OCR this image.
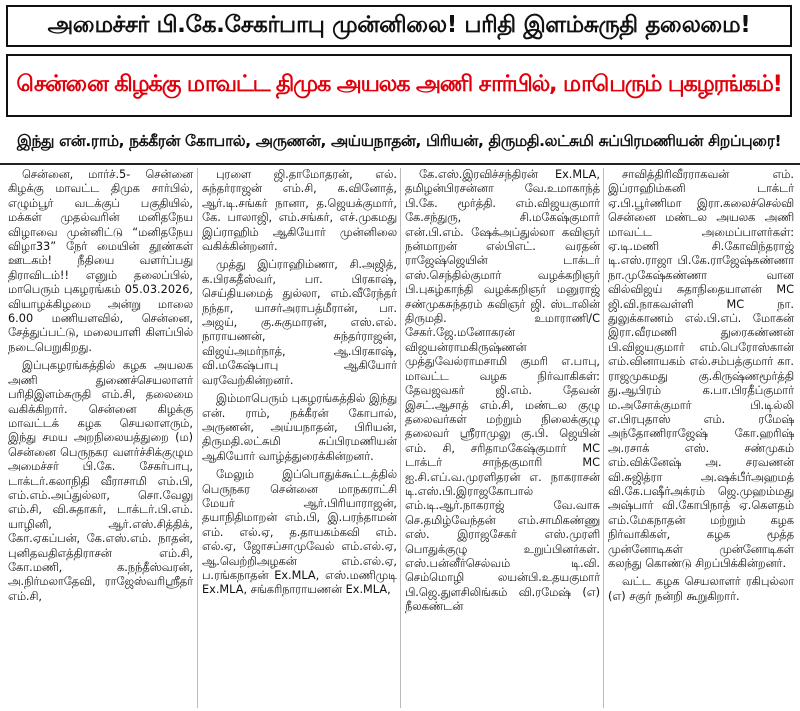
அமைச்சர் பி.கே.சேகர்பாபு முன்னிலை! பரிதி இளம்சுருதி தலைமை!
சென்னை கிழக்கு மாவட்ட திமுக அயலக அணி சார்பில், மாபெரும் புகழரங்கம்!
இந்து என்.ராம், நக்கீரன் கோபால், அருணன், அய்யநாதன், பிரியன், திருமதி.லட்சுமி சுப்பிரமணியன் சிறப்புரை!

சென்னை, மார்ச்.5- சென்னை கிழக்கு மாவட்ட திமுக சார்பில், எழும்பூர் வடக்குப் பகுதியில், மக்கள் முதல்வரின் மனிதநேய விழாவை முன்னிட்டு “மனிதநேய விழா33” நேர் மையின் தூண்கள் ஊடகம்! நீதியை வளர்ப்பது திராவிடம்!! எனும் தலைப்பில், மாபெரும் புகழரங்கம் 05.03.2026, வியாழக்கிழமை அன்று மாலை 6.00 மணியளவில், சென்னை, சேத்துப்பட்டு, மலையாளி கிளப்பில் நடைபெறுகிறது.

இப்புகழரங்கத்தில் கழக அயலக அணி துணைச்செயலாளர் பரிதிஇளம்சுருதி எம்.சி, தலைமை வகிக்கிறார். சென்னை கிழக்கு மாவட்டக் கழக செயலாளரும், இந்து சமய அறநிலையத்துறை (ம) சென்னை பெருநகர வளர்ச்சிக்குழும அமைச்சர் பி.கே. சேகர்பாபு, டாக்டர்.கலாநிதி வீராசாமி எம்.பி, எம்.எம்.அப்துல்லா, சொ.வேலு எம்.சி, வி.சுதாகர், டாக்டர்.பி.எம். யாழினி, ஆர்.எஸ்.சித்திக், கோ.ஏகப்பன், கே.எஸ்.எம். நாதன், புனிதவதிஎத்திராசன் எம்.சி, கோ.மணி, க.நந்தீஸ்வரன், அ.நிர்மலாதேவி, ராஜேஸ்வரிஸ்ரீதர் எம்.சி,

புரளை ஜி.தாமோதரன், எல். சுந்தர்ராஜன் எம்.சி, க.வினோத், ஆர்.டி.சங்கர் நானா, த.ஜெயக்குமார், கே. பாலாஜி, எம்.சங்கர், எச்.முகமது இப்ராஹிம் ஆகியோர் முன்னிலை வகிக்கின்றனர்.

முத்து இப்ராஹிம்ணா, சி.அஜித், க.பிரகதீஸ்வர், பா. பிரகாஷ், செய்தியமைத் துல்லா, எம்.வீரேந்தர் நந்தா, யாசர்அராபத்மீரான், பா. அஜய், கு.சுகுமாரன், எஸ்.எல். நாராயணன், சுந்தர்ராஜன், விஜய்அமர்நாத், ஆ.பிரகாஷ், வி.மகேஷ்பாபு ஆகியோர் வரவேற்கின்றனர்.

இம்மாபெரும் புகழரங்கத்தில் இந்து என். ராம், நக்கீரன் கோபால், அருணன், அய்யநாதன், பிரியன், திருமதி.லட்சுமி சுப்பிரமணியன் ஆகியோர் வாழ்த்துரைக்கின்றனர்.

மேலும் இப்பொதுக்கூட்டத்தில் பெருநகர சென்னை மாநகராட்சி மேயர் ஆர்.பிரியாராஜன், தயாநிதிமாறன் எம்.பி, இ.பரந்தாமன் எம். எல்.ஏ, த.தாயகம்கவி எம். எல்.ஏ, ஜோசப்சாமுவேல் எம்.எல்.ஏ, ஆ.வெற்றிஅழகன் எம்.எல்.ஏ, ப.ரங்கநாதன் Ex.MLA, எஸ்.மணிமுடி Ex.MLA, சங்கரிநாராயணன் Ex.MLA,

கே.எஸ்.இரவிச்சந்திரன் Ex.MLA, தமிழன்பிரசன்னா வே.உமாகாந்த் பி.கே. மூர்த்தி. எம்.விஜயகுமார் கே.சந்துரு, சி.மகேஷ்குமார் என்.பி.எம். ஷேக்அப்துல்லா கவிஞர் நன்மாறன் எல்பிஎட். வரதன் ராஜேஷ்ஜெயின் டாக்டர் எஸ்.செந்தில்குமார் வழக்கறிஞர் பி.புகழ்காந்தி வழக்கறிஞர் மனுராஜ் சண்முகசுந்தரம் கவிஞர் ஜி. ஸ்டாலின் திருமதி. உமாராணி/C சேகர்.ஜே.மனோகரன் விஜயன்ராமகிருஷ்ணன் முத்துவேல்ராமசாமி குமரி எ.பாபு, மாவட்ட வழக நிர்வாகிகள்: தேவஜவகர் ஜி.எம். தேவன் இசட்.ஆசாத் எம்.சி, மண்டல குழு தலைவர்கள் மற்றும் நிலைக்குழு தலைவர் ஸ்ரீராமுலு கு.பி. ஜெயின் எம். சி, சரிதாமகேஷ்குமார் MC டாக்டர் சாந்தகுமாரி MC ஐ.சி.எப்.வ.முரளிதரன் எ. நாகராசன் டி.எஸ்.பி.இராஜகோபால் எம்.டி.ஆர்.நாகராஜ் வே.வாசு செ.தமிழ்வேந்தன் எம்.சாமிகண்ணு எஸ். இராஜசேகர் எஸ்.முரளி பொதுக்குழு உறுப்பினர்கள். எஸ்.பன்னீர்செல்வம் டி.வி. செம்மொழி லயன்பி.உதயகுமார் பி.ஜெ.துளசிலிங்கம் வி.ரமேஷ் (எ) நீலகண்டன்

சாவித்திரிவீரராகவன் எம். இப்ராஹிம்கனி டாக்டர் ஏ.பி.பூர்ணிமா இரா.கலைச்செல்வி சென்னை மண்டல அயலக அணி மாவட்ட அமைப்பாளர்கள்: ஏ.டி.மணி சி.கோவிந்தராஜ் டி.எஸ்.ராஜா பி.கே.ராஜேஷ்கண்ணா நா.முகேஷ்கண்ணா வான வில்விஜய் சுதாநிதையாளன் MC ஜி.வி.நாகவள்ளி MC நா. துலுக்காணம் எல்.பி.எப். மோகன் இரா.வீரமணி துரைகண்ணன் பி.விஜயகுமார் எம்.பெரோஸ்கான் எம்.வினாயகம் எல்.சம்பத்குமார் கா. ராஜமுகமது கு.கிருஷ்ணமூர்த்தி து.ஆபிரம் க.பா.பிரதீப்குமார் ம.அசோக்குமார் பி.டில்லி எ.பிரபுதாஸ் எம். ரமேஷ் அந்தோணிராஜேஷ் கோ.ஹரிஷ் அ.ரசாக் எஸ். சண்முகம் எம்.விக்னேஷ் அ. சரவணன் வி.சுஜித்ரா அ.ஷக்பீர்அஹமத் வி.கே.பஷீர்அக்ரம் ஜெ.முஹம்மது அஷ்பார் வி.கோபிநாத் ஏ.கௌதம் எம்.மேகநாதன் மற்றும் கழக நிர்வாகிகள், கழக மூத்த முன்னோடிகள் முன்னோடிகள் கலந்து கொண்டு சிறப்பிக்கின்றனர்.

வட்ட கழக செயலாளர் ரகிபுல்லா (எ) சகுர் நன்றி கூறுகிறார்.
